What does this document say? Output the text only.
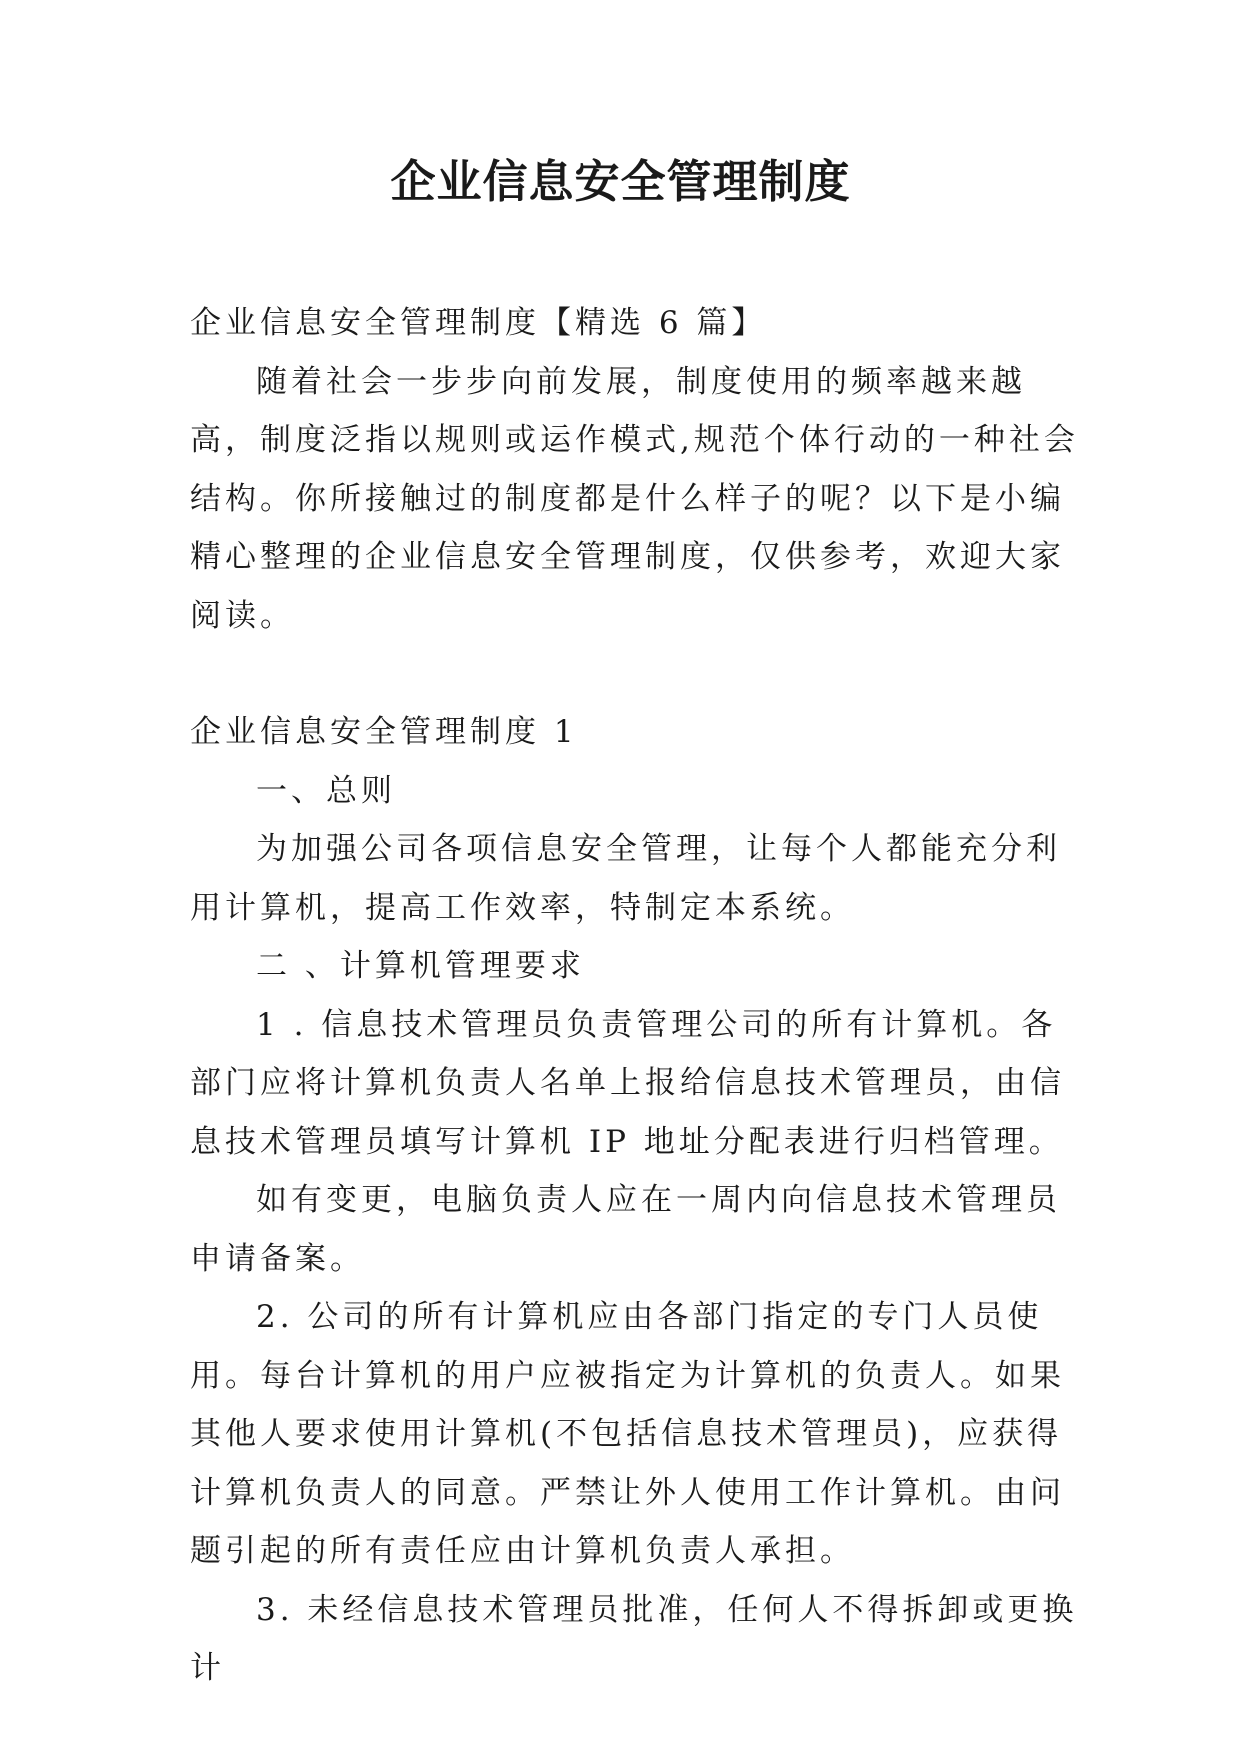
企业信息安全管理制度

企业信息安全管理制度【精选 6 篇】

随着社会一步步向前发展，制度使用的频率越来越高，制度泛指以规则或运作模式,规范个体行动的一种社会结构。你所接触过的制度都是什么样子的呢？以下是小编精心整理的企业信息安全管理制度，仅供参考，欢迎大家阅读。

企业信息安全管理制度 1

一、总则

为加强公司各项信息安全管理，让每个人都能充分利用计算机，提高工作效率，特制定本系统。

二 、计算机管理要求

1 . 信息技术管理员负责管理公司的所有计算机。各部门应将计算机负责人名单上报给信息技术管理员，由信息技术管理员填写计算机 IP 地址分配表进行归档管理。

如有变更，电脑负责人应在一周内向信息技术管理员申请备案。

2. 公司的所有计算机应由各部门指定的专门人员使用。每台计算机的用户应被指定为计算机的负责人。如果其他人要求使用计算机(不包括信息技术管理员)，应获得计算机负责人的同意。严禁让外人使用工作计算机。由问题引起的所有责任应由计算机负责人承担。

3. 未经信息技术管理员批准，任何人不得拆卸或更换计
